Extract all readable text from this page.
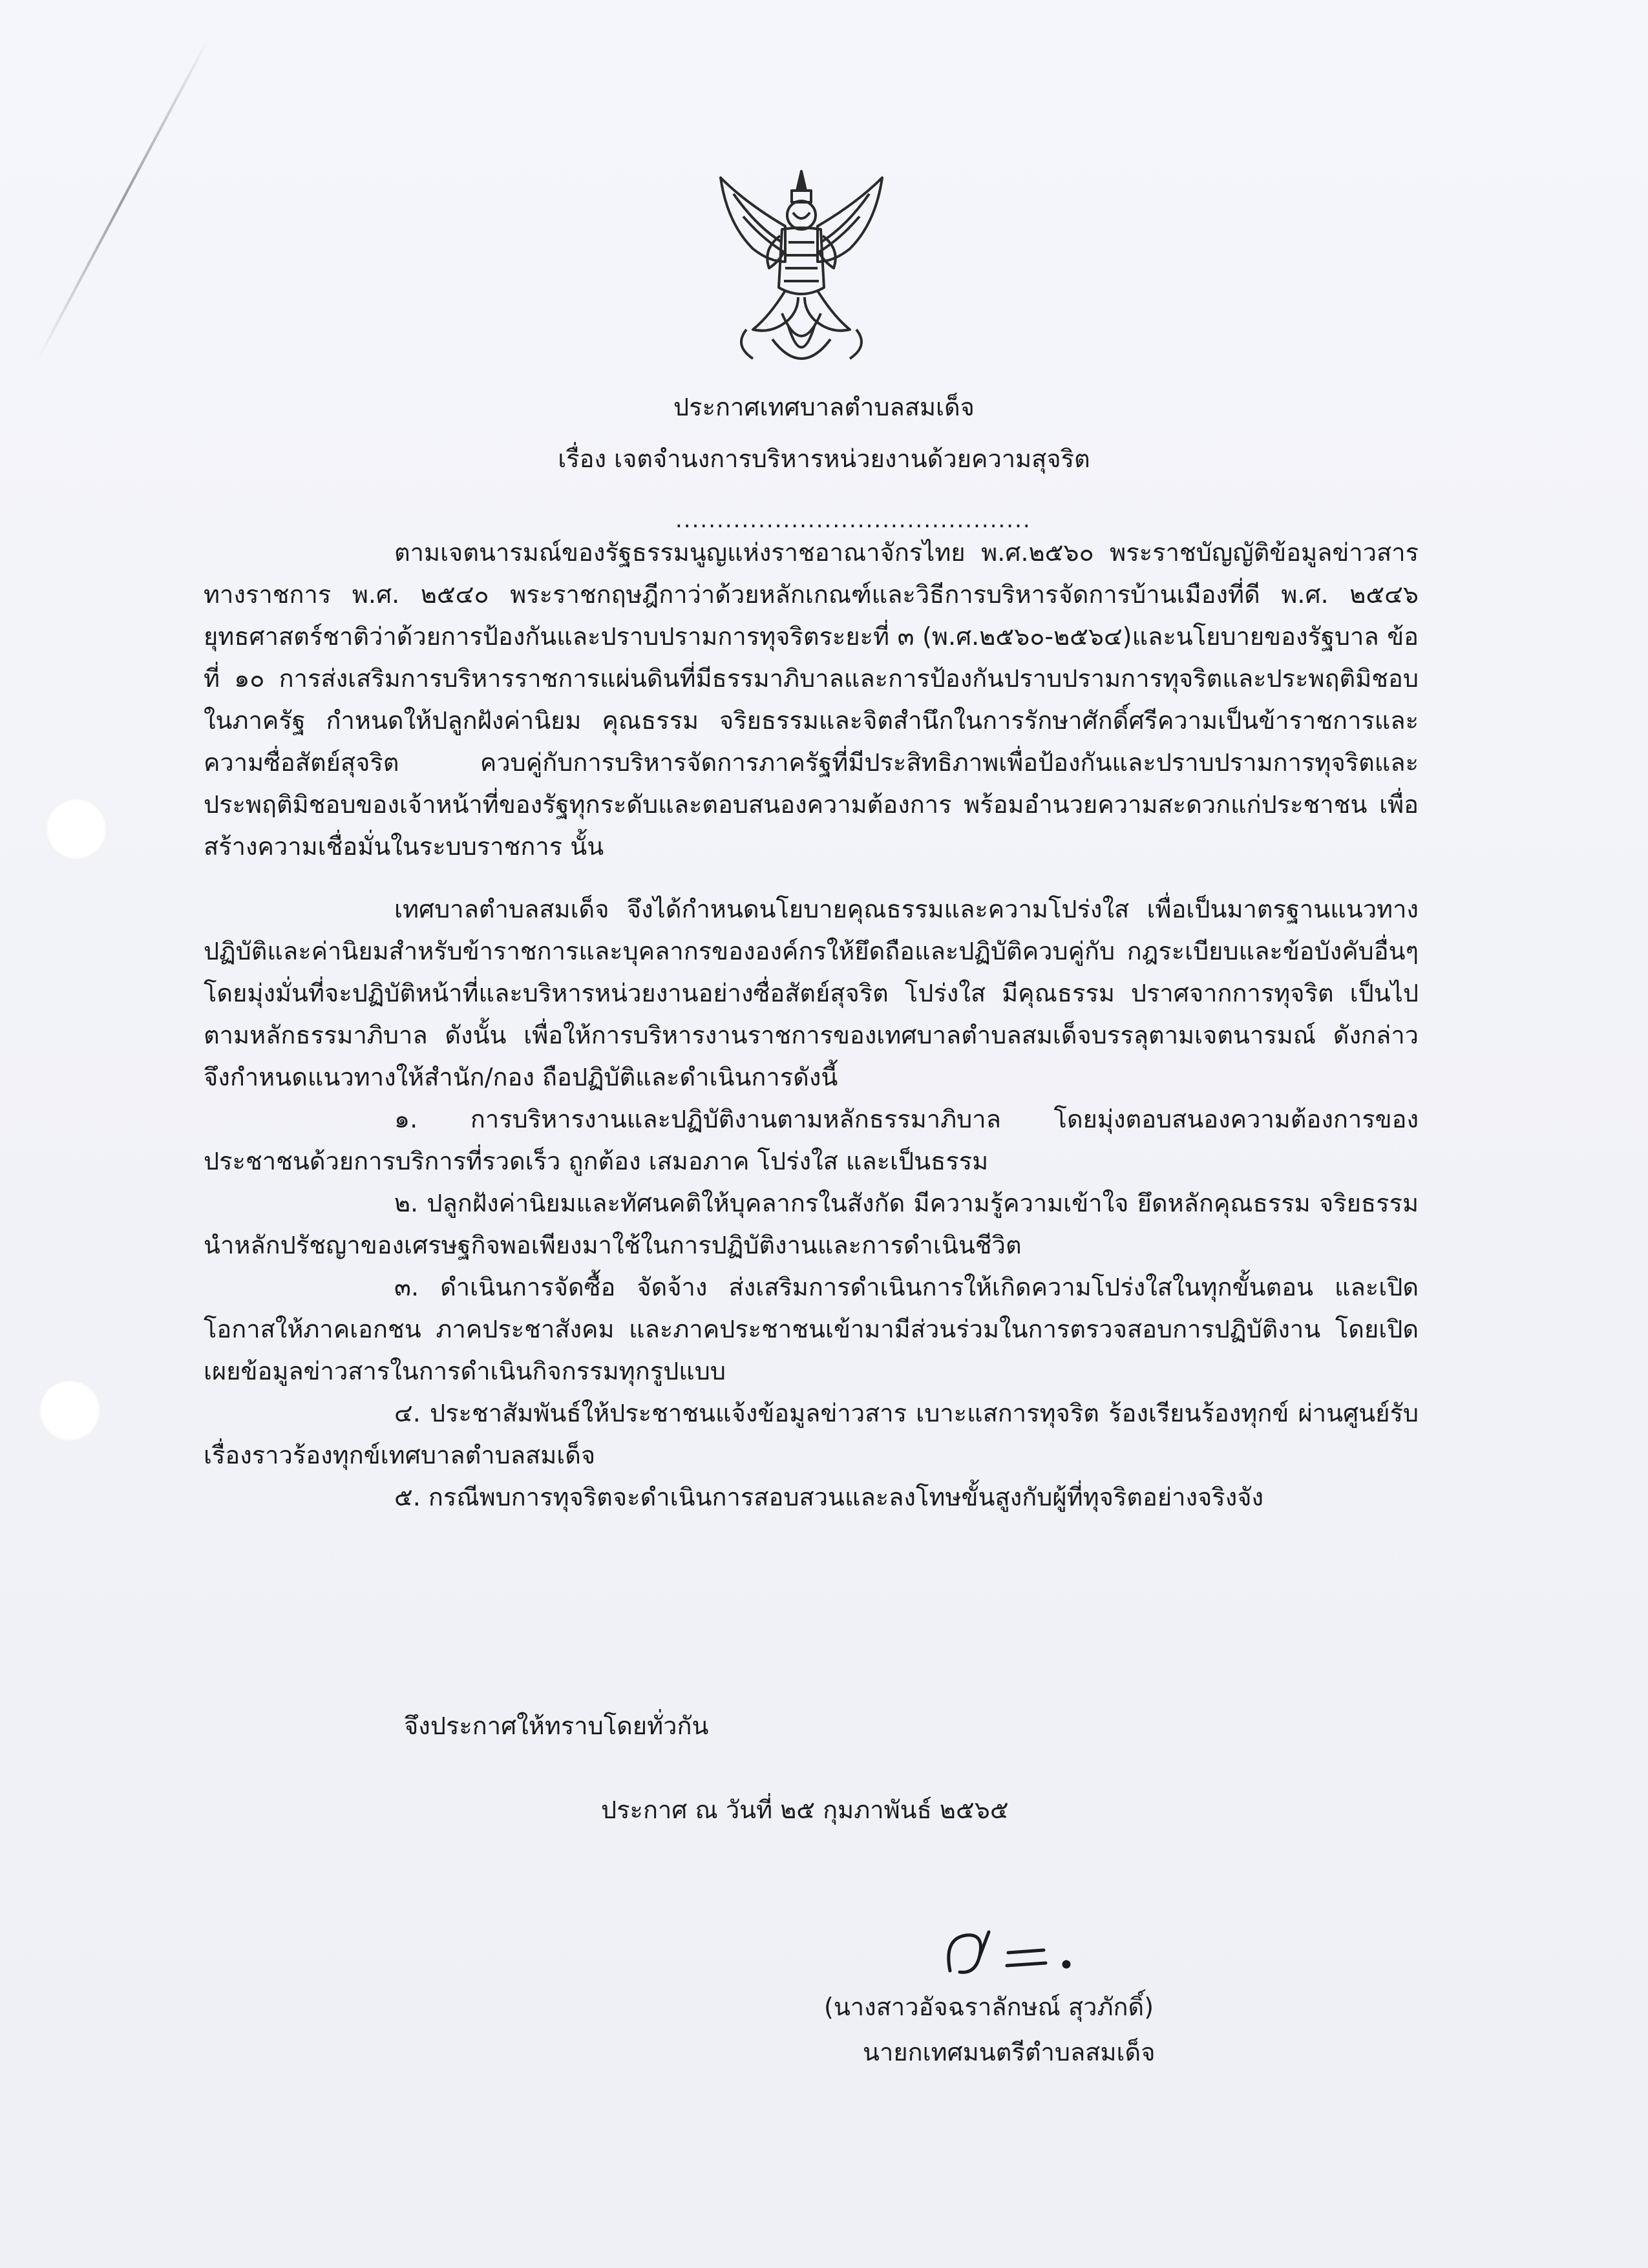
ประกาศเทศบาลตำบลสมเด็จ
เรื่อง เจตจำนงการบริหารหน่วยงานด้วยความสุจริต
...........................................

ตามเจตนารมณ์ของรัฐธรรมนูญแห่งราชอาณาจักรไทย พ.ศ.๒๕๖๐ พระราชบัญญัติข้อมูลข่าวสารทางราชการ พ.ศ. ๒๕๔๐ พระราชกฤษฎีกาว่าด้วยหลักเกณฑ์และวิธีการบริหารจัดการบ้านเมืองที่ดี พ.ศ. ๒๕๔๖ ยุทธศาสตร์ชาติว่าด้วยการป้องกันและปราบปรามการทุจริตระยะที่ ๓ (พ.ศ.๒๕๖๐-๒๕๖๔)และนโยบายของรัฐบาล ข้อที่ ๑๐ การส่งเสริมการบริหารราชการแผ่นดินที่มีธรรมาภิบาลและการป้องกันปราบปรามการทุจริตและประพฤติมิชอบในภาครัฐ กำหนดให้ปลูกฝังค่านิยม คุณธรรม จริยธรรมและจิตสำนึกในการรักษาศักดิ์ศรีความเป็นข้าราชการและความซื่อสัตย์สุจริต ควบคู่กับการบริหารจัดการภาครัฐที่มีประสิทธิภาพเพื่อป้องกันและปราบปรามการทุจริตและประพฤติมิชอบของเจ้าหน้าที่ของรัฐทุกระดับและตอบสนองความต้องการ พร้อมอำนวยความสะดวกแก่ประชาชน เพื่อสร้างความเชื่อมั่นในระบบราชการ นั้น

เทศบาลตำบลสมเด็จ จึงได้กำหนดนโยบายคุณธรรมและความโปร่งใส เพื่อเป็นมาตรฐานแนวทางปฏิบัติและค่านิยมสำหรับข้าราชการและบุคลากรขององค์กรให้ยึดถือและปฏิบัติควบคู่กับ กฎระเบียบและข้อบังคับอื่นๆ โดยมุ่งมั่นที่จะปฏิบัติหน้าที่และบริหารหน่วยงานอย่างซื่อสัตย์สุจริต โปร่งใส มีคุณธรรม ปราศจากการทุจริต เป็นไปตามหลักธรรมาภิบาล ดังนั้น เพื่อให้การบริหารงานราชการของเทศบาลตำบลสมเด็จบรรลุตามเจตนารมณ์ ดังกล่าว จึงกำหนดแนวทางให้สำนัก/กอง ถือปฏิบัติและดำเนินการดังนี้

๑. การบริหารงานและปฏิบัติงานตามหลักธรรมาภิบาล โดยมุ่งตอบสนองความต้องการของประชาชนด้วยการบริการที่รวดเร็ว ถูกต้อง เสมอภาค โปร่งใส และเป็นธรรม

๒. ปลูกฝังค่านิยมและทัศนคติให้บุคลากรในสังกัด มีความรู้ความเข้าใจ ยึดหลักคุณธรรม จริยธรรม นำหลักปรัชญาของเศรษฐกิจพอเพียงมาใช้ในการปฏิบัติงานและการดำเนินชีวิต

๓. ดำเนินการจัดซื้อ จัดจ้าง ส่งเสริมการดำเนินการให้เกิดความโปร่งใสในทุกขั้นตอน และเปิดโอกาสให้ภาคเอกชน ภาคประชาสังคม และภาคประชาชนเข้ามามีส่วนร่วมในการตรวจสอบการปฏิบัติงาน โดยเปิดเผยข้อมูลข่าวสารในการดำเนินกิจกรรมทุกรูปแบบ

๔. ประชาสัมพันธ์ให้ประชาชนแจ้งข้อมูลข่าวสาร เบาะแสการทุจริต ร้องเรียนร้องทุกข์ ผ่านศูนย์รับเรื่องราวร้องทุกข์เทศบาลตำบลสมเด็จ

๕. กรณีพบการทุจริตจะดำเนินการสอบสวนและลงโทษขั้นสูงกับผู้ที่ทุจริตอย่างจริงจัง

จึงประกาศให้ทราบโดยทั่วกัน
ประกาศ ณ วันที่ ๒๕ กุมภาพันธ์ ๒๕๖๕
(นางสาวอัจฉราลักษณ์ สุวภักดิ์)
นายกเทศมนตรีตำบลสมเด็จ
